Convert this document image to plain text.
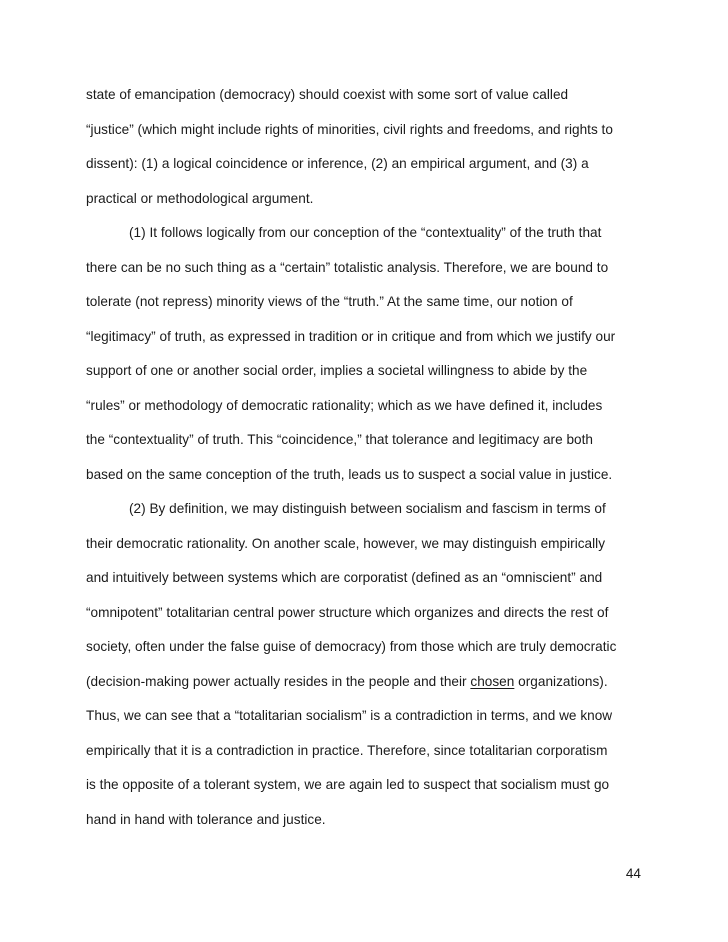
state of emancipation (democracy) should coexist with some sort of value called
“justice” (which might include rights of minorities, civil rights and freedoms, and rights to
dissent): (1) a logical coincidence or inference, (2) an empirical argument, and (3) a
practical or methodological argument.
(1) It follows logically from our conception of the “contextuality” of the truth that
there can be no such thing as a “certain” totalistic analysis. Therefore, we are bound to
tolerate (not repress) minority views of the “truth.” At the same time, our notion of
“legitimacy” of truth, as expressed in tradition or in critique and from which we justify our
support of one or another social order, implies a societal willingness to abide by the
“rules” or methodology of democratic rationality; which as we have defined it, includes
the “contextuality” of truth. This “coincidence,” that tolerance and legitimacy are both
based on the same conception of the truth, leads us to suspect a social value in justice.
(2) By definition, we may distinguish between socialism and fascism in terms of
their democratic rationality. On another scale, however, we may distinguish empirically
and intuitively between systems which are corporatist (defined as an “omniscient” and
“omnipotent” totalitarian central power structure which organizes and directs the rest of
society, often under the false guise of democracy) from those which are truly democratic
(decision-making power actually resides in the people and their chosen organizations).
Thus, we can see that a “totalitarian socialism” is a contradiction in terms, and we know
empirically that it is a contradiction in practice. Therefore, since totalitarian corporatism
is the opposite of a tolerant system, we are again led to suspect that socialism must go
hand in hand with tolerance and justice.
44
